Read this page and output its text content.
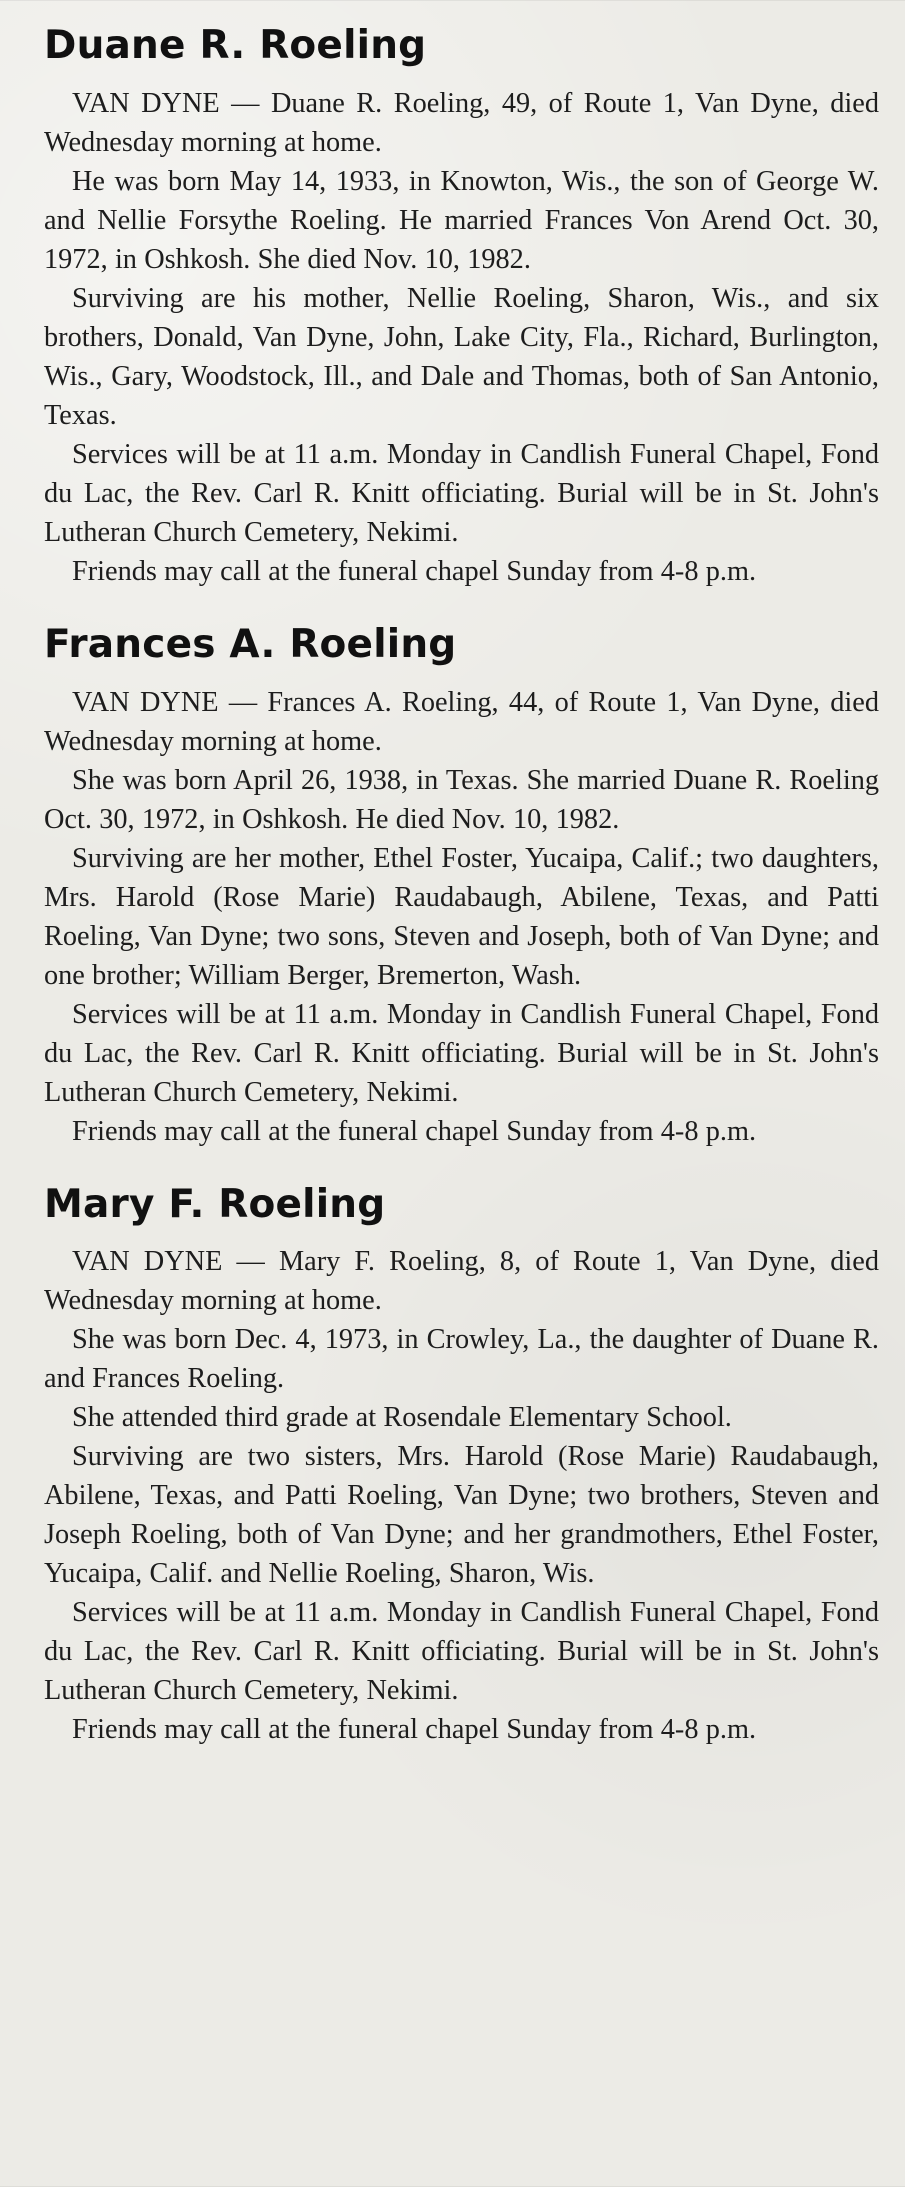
Duane R. Roeling

VAN DYNE — Duane R. Roeling, 49, of Route 1, Van Dyne, died Wednesday morning at home.

He was born May 14, 1933, in Knowton, Wis., the son of George W. and Nellie Forsythe Roeling. He married Frances Von Arend Oct. 30, 1972, in Oshkosh. She died Nov. 10, 1982.

Surviving are his mother, Nellie Roeling, Sharon, Wis., and six brothers, Donald, Van Dyne, John, Lake City, Fla., Richard, Burlington, Wis., Gary, Woodstock, Ill., and Dale and Thomas, both of San Antonio, Texas.

Services will be at 11 a.m. Monday in Candlish Funeral Chapel, Fond du Lac, the Rev. Carl R. Knitt officiating. Burial will be in St. John's Lutheran Church Cemetery, Nekimi.

Friends may call at the funeral chapel Sunday from 4-8 p.m.

Frances A. Roeling

VAN DYNE — Frances A. Roeling, 44, of Route 1, Van Dyne, died Wednesday morning at home.

She was born April 26, 1938, in Texas. She married Duane R. Roeling Oct. 30, 1972, in Oshkosh. He died Nov. 10, 1982.

Surviving are her mother, Ethel Foster, Yucaipa, Calif.; two daughters, Mrs. Harold (Rose Marie) Raudabaugh, Abilene, Texas, and Patti Roeling, Van Dyne; two sons, Steven and Joseph, both of Van Dyne; and one brother; William Berger, Bremerton, Wash.

Services will be at 11 a.m. Monday in Candlish Funeral Chapel, Fond du Lac, the Rev. Carl R. Knitt officiating. Burial will be in St. John's Lutheran Church Cemetery, Nekimi.

Friends may call at the funeral chapel Sunday from 4-8 p.m.

Mary F. Roeling

VAN DYNE — Mary F. Roeling, 8, of Route 1, Van Dyne, died Wednesday morning at home.

She was born Dec. 4, 1973, in Crowley, La., the daughter of Duane R. and Frances Roeling.

She attended third grade at Rosendale Elementary School.

Surviving are two sisters, Mrs. Harold (Rose Marie) Raudabaugh, Abilene, Texas, and Patti Roeling, Van Dyne; two brothers, Steven and Joseph Roeling, both of Van Dyne; and her grandmothers, Ethel Foster, Yucaipa, Calif. and Nellie Roeling, Sharon, Wis.

Services will be at 11 a.m. Monday in Candlish Funeral Chapel, Fond du Lac, the Rev. Carl R. Knitt officiating. Burial will be in St. John's Lutheran Church Cemetery, Nekimi.

Friends may call at the funeral chapel Sunday from 4-8 p.m.
